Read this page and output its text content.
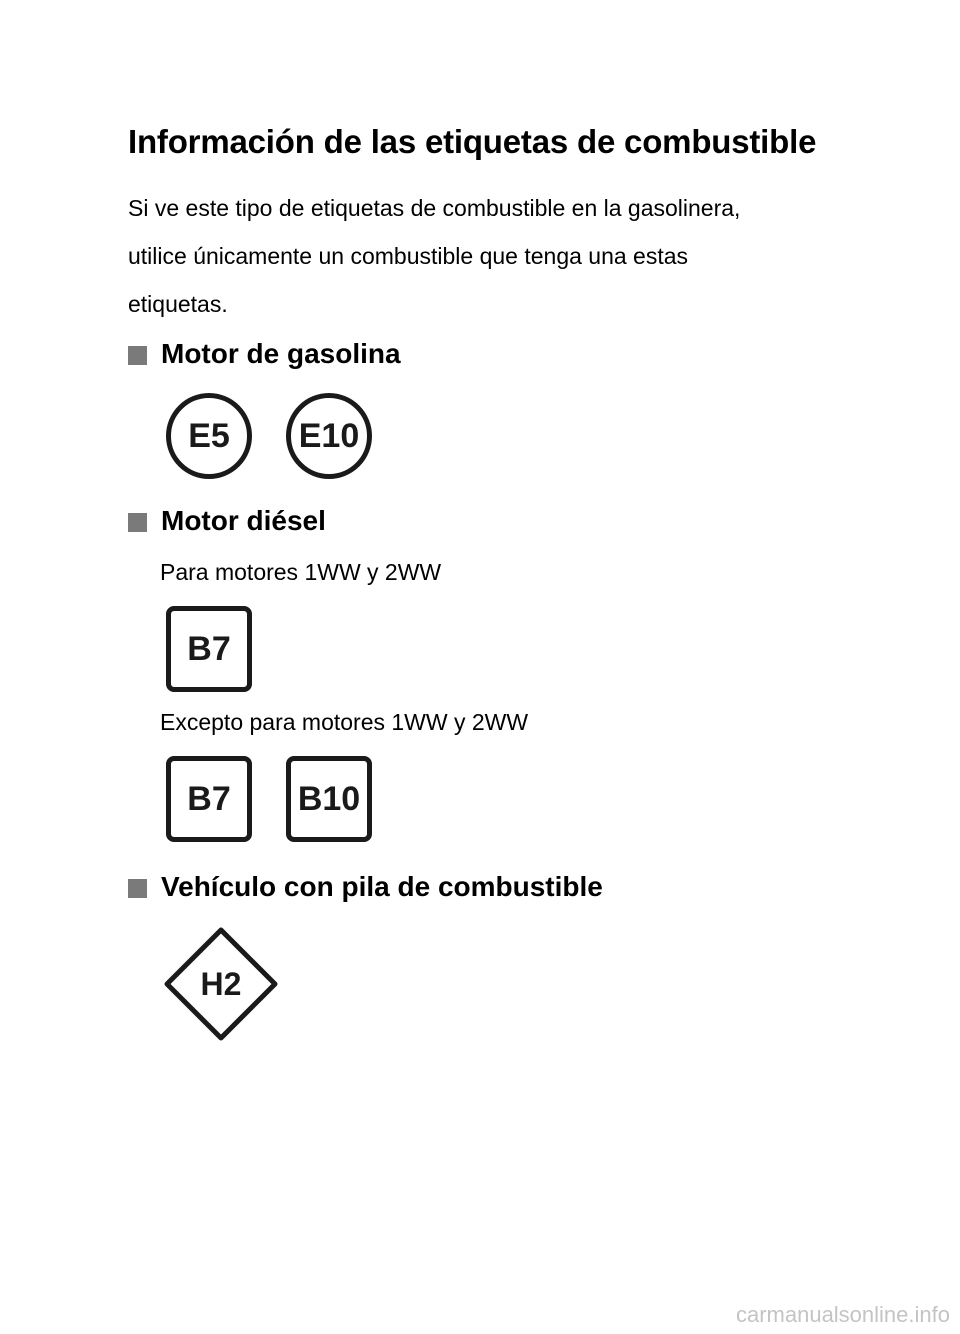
Información de las etiquetas de combustible

Si ve este tipo de etiquetas de combustible en la gasolinera,
utilice únicamente un combustible que tenga una estas
etiquetas.

Motor de gasolina
E5 E10
Motor diésel

Para motores 1WW y 2WW

B7

Excepto para motores 1WW y 2WW

B7 B10
Vehículo con pila de combustible
H2
carmanualsonline.info
